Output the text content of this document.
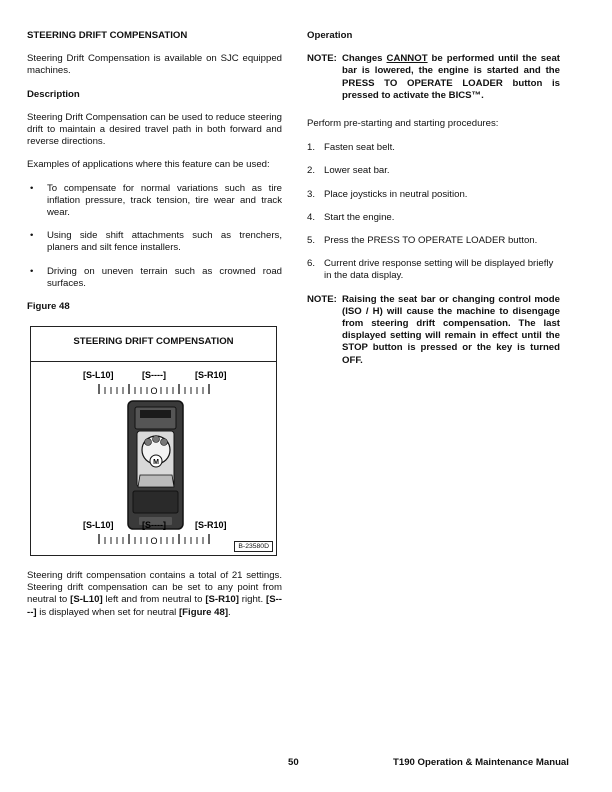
STEERING DRIFT COMPENSATION

Steering Drift Compensation is available on SJC equipped machines.

Description

Steering Drift Compensation can be used to reduce steering drift to maintain a desired travel path in both forward and reverse directions.

Examples of applications where this feature can be used:

• To compensate for normal variations such as tire inflation pressure, track tension, tire wear and track wear.
• Using side shift attachments such as trenchers, planers and silt fence installers.
• Driving on uneven terrain such as crowned road surfaces.
Figure 48
STEERING DRIFT COMPENSATION
[S-L10]	[S----]	[S-R10]
O
M
[S-L10]	[S----]	[S-R10]
O
B-23580D

Steering drift compensation contains a total of 21 settings. Steering drift compensation can be set to any point from neutral to [S-L10] left and from neutral to [S-R10] right. [S----] is displayed when set for neutral [Figure 48].

Operation
NOTE: Changes CANNOT be performed until the seat bar is lowered, the engine is started and the PRESS TO OPERATE LOADER button is pressed to activate the BICS™.

Perform pre-starting and starting procedures:

1. Fasten seat belt.
2. Lower seat bar.
3. Place joysticks in neutral position.
4. Start the engine.
5. Press the PRESS TO OPERATE LOADER button.
6. Current drive response setting will be displayed briefly in the data display.
NOTE: Raising the seat bar or changing control mode (ISO / H) will cause the machine to disengage from steering drift compensation. The last displayed setting will remain in effect until the STOP button is pressed or the key is turned OFF.
50	T190 Operation & Maintenance Manual
